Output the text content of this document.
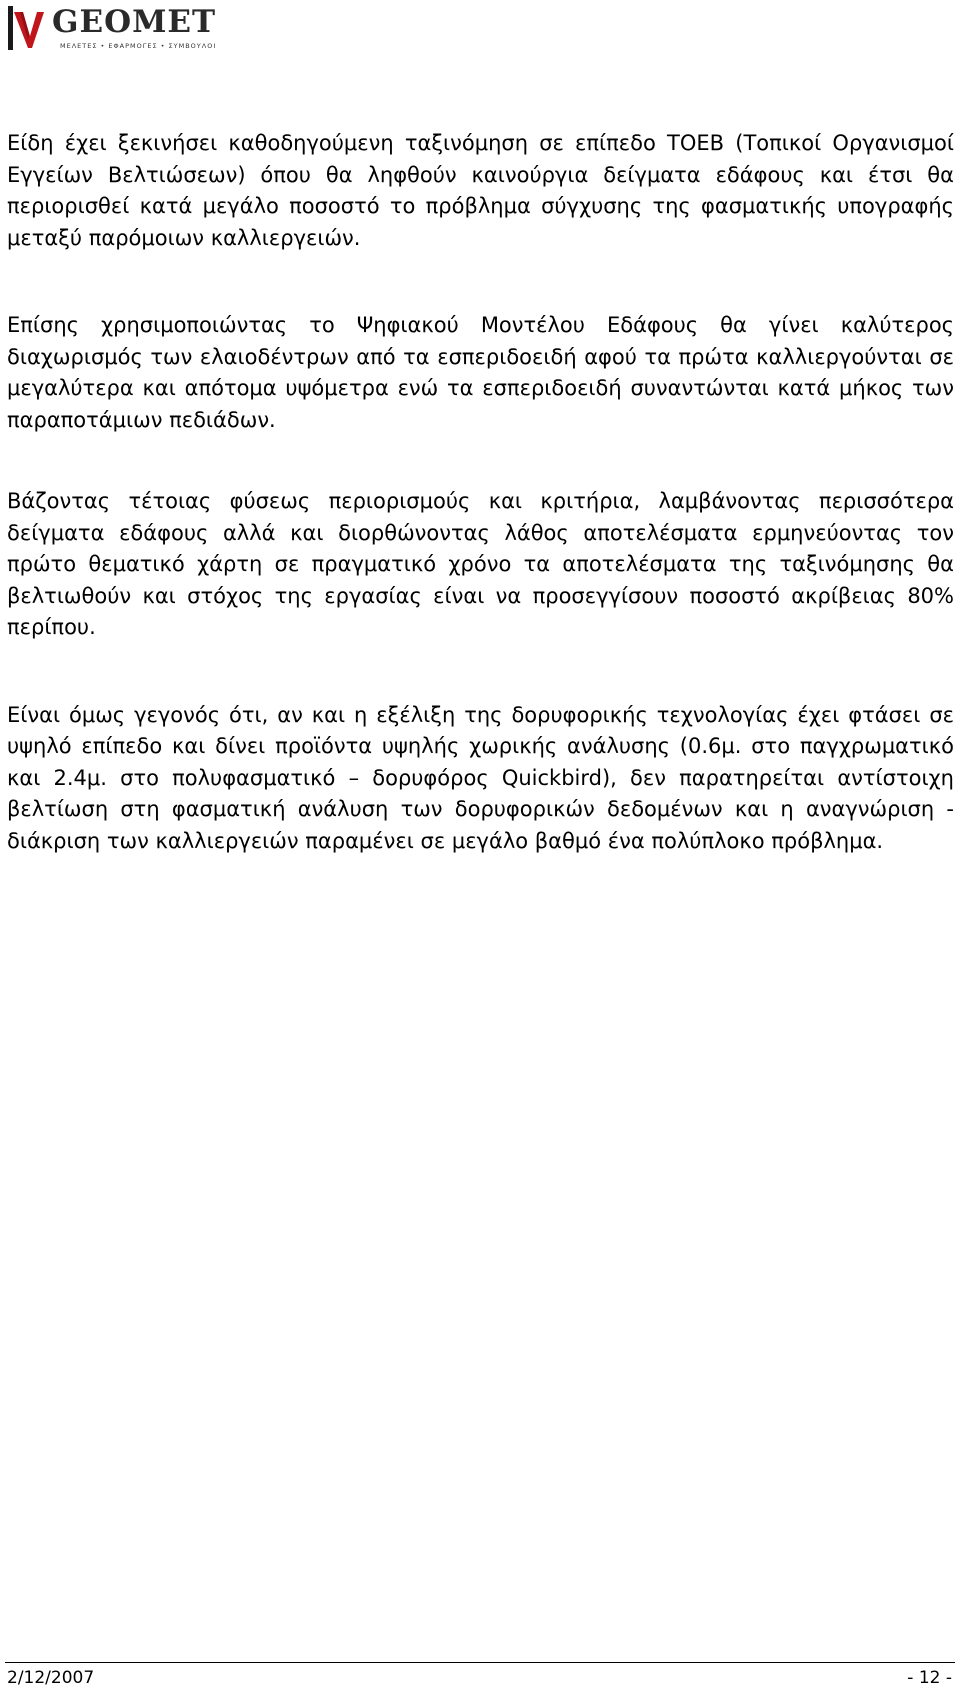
GEOMET
ΜΕΛΕΤΕΣ • ΕΦΑΡΜΟΓΕΣ • ΣΥΜΒΟΥΛΟΙ

Είδη έχει ξεκινήσει καθοδηγούμενη ταξινόμηση σε επίπεδο ΤΟΕΒ (Τοπικοί Οργανισμοί Εγγείων Βελτιώσεων) όπου θα ληφθούν καινούργια δείγματα εδάφους και έτσι θα περιορισθεί κατά μεγάλο ποσοστό το πρόβλημα σύγχυσης της φασματικής υπογραφής μεταξύ παρόμοιων καλλιεργειών.

Επίσης χρησιμοποιώντας το Ψηφιακού Μοντέλου Εδάφους θα γίνει καλύτερος διαχωρισμός των ελαιοδέντρων από τα εσπεριδοειδή αφού τα πρώτα καλλιεργούνται σε μεγαλύτερα και απότομα υψόμετρα ενώ τα εσπεριδοειδή συναντώνται κατά μήκος των παραποτάμιων πεδιάδων.

Βάζοντας τέτοιας φύσεως περιορισμούς και κριτήρια, λαμβάνοντας περισσότερα δείγματα εδάφους αλλά και διορθώνοντας λάθος αποτελέσματα ερμηνεύοντας τον πρώτο θεματικό χάρτη σε πραγματικό χρόνο τα αποτελέσματα της ταξινόμησης θα βελτιωθούν και στόχος της εργασίας είναι να προσεγγίσουν ποσοστό ακρίβειας 80% περίπου.

Είναι όμως γεγονός ότι, αν και η εξέλιξη της δορυφορικής τεχνολογίας έχει φτάσει σε υψηλό επίπεδο και δίνει προϊόντα υψηλής χωρικής ανάλυσης (0.6μ. στο παγχρωματικό και 2.4μ. στο πολυφασματικό – δορυφόρος Quickbird), δεν παρατηρείται αντίστοιχη βελτίωση στη φασματική ανάλυση των δορυφορικών δεδομένων και η αναγνώριση - διάκριση των καλλιεργειών παραμένει σε μεγάλο βαθμό ένα πολύπλοκο πρόβλημα.

2/12/2007	- 12 -
